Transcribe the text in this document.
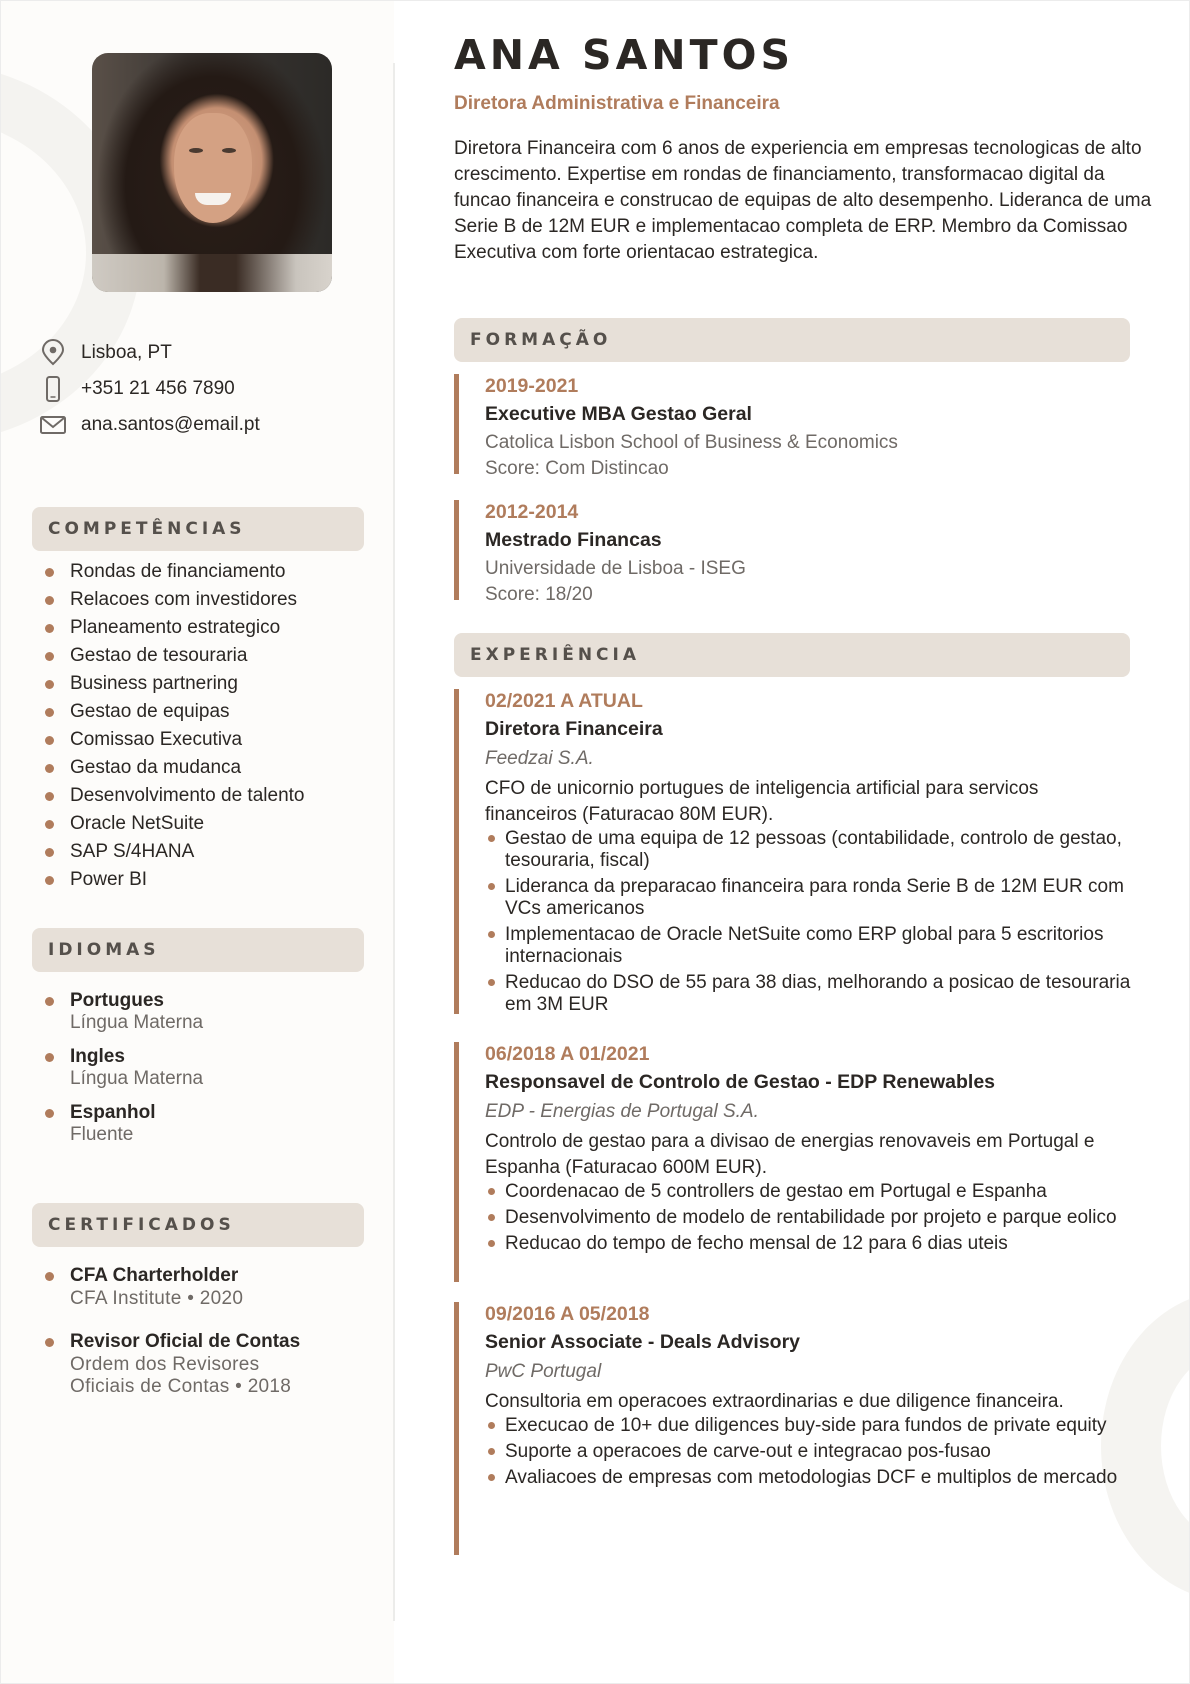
Lisboa, PT
+351 21 456 7890
ana.santos@email.pt
COMPETÊNCIAS
Rondas de financiamento
Relacoes com investidores
Planeamento estrategico
Gestao de tesouraria
Business partnering
Gestao de equipas
Comissao Executiva
Gestao da mudanca
Desenvolvimento de talento
Oracle NetSuite
SAP S/4HANA
Power BI
IDIOMAS
Portugues
Língua Materna
Ingles
Língua Materna
Espanhol
Fluente
CERTIFICADOS
CFA Charterholder
CFA Institute • 2020
Revisor Oficial de Contas
Ordem dos Revisores
Oficiais de Contas • 2018
ANA SANTOS
Diretora Administrativa e Financeira

Diretora Financeira com 6 anos de experiencia em empresas tecnologicas de alto crescimento. Expertise em rondas de financiamento, transformacao digital da funcao financeira e construcao de equipas de alto desempenho. Lideranca de uma Serie B de 12M EUR e implementacao completa de ERP. Membro da Comissao Executiva com forte orientacao estrategica.

FORMAÇÃO
2019-2021
Executive MBA Gestao Geral
Catolica Lisbon School of Business & Economics
Score: Com Distincao
2012-2014
Mestrado Financas
Universidade de Lisboa - ISEG
Score: 18/20
EXPERIÊNCIA
02/2021 A ATUAL
Diretora Financeira
Feedzai S.A.
CFO de unicornio portugues de inteligencia artificial para servicos financeiros (Faturacao 80M EUR).
Gestao de uma equipa de 12 pessoas (contabilidade, controlo de gestao, tesouraria, fiscal)
Lideranca da preparacao financeira para ronda Serie B de 12M EUR com VCs americanos
Implementacao de Oracle NetSuite como ERP global para 5 escritorios internacionais
Reducao do DSO de 55 para 38 dias, melhorando a posicao de tesouraria em 3M EUR
06/2018 A 01/2021
Responsavel de Controlo de Gestao - EDP Renewables
EDP - Energias de Portugal S.A.
Controlo de gestao para a divisao de energias renovaveis em Portugal e Espanha (Faturacao 600M EUR).
Coordenacao de 5 controllers de gestao em Portugal e Espanha
Desenvolvimento de modelo de rentabilidade por projeto e parque eolico
Reducao do tempo de fecho mensal de 12 para 6 dias uteis
09/2016 A 05/2018
Senior Associate - Deals Advisory
PwC Portugal
Consultoria em operacoes extraordinarias e due diligence financeira.
Execucao de 10+ due diligences buy-side para fundos de private equity
Suporte a operacoes de carve-out e integracao pos-fusao
Avaliacoes de empresas com metodologias DCF e multiplos de mercado
